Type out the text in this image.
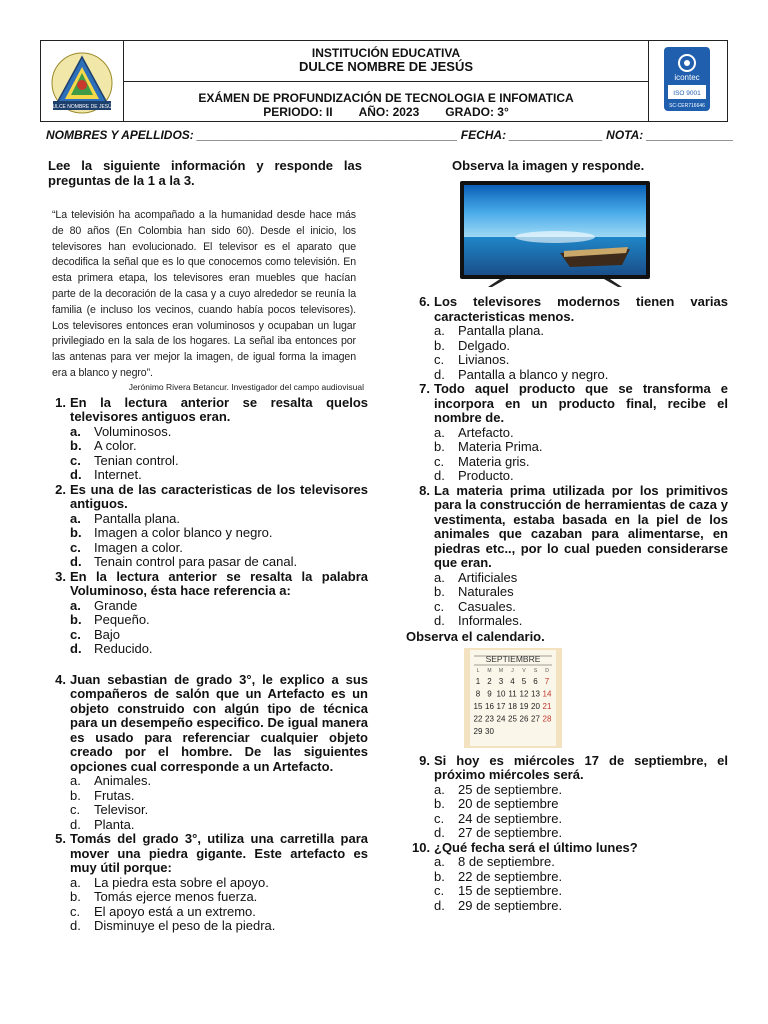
DULCE NOMBRE DE JESÚS
INSTITUCIÓN EDUCATIVA
DULCE NOMBRE DE JESÚS
EXÁMEN DE PROFUNDIZACIÓN DE TECNOLOGIA E INFOMATICA
PERIODO: II AÑO: 2023 GRADO: 3°
icontec
ISO 9001
SC-CER716646
NOMBRES Y APELLIDOS: _______________________________________ FECHA: ______________ NOTA: _____________
Lee la siguiente información y responde las preguntas de la 1 a la 3.
“La televisión ha acompañado a la humanidad desde hace más de 80 años (En Colombia han sido 60). Desde el inicio, los televisores han evolucionado. El televisor es el aparato que decodifica la señal que es lo que conocemos como televisión. En esta primera etapa, los televisores eran muebles que hacían parte de la decoración de la casa y a cuyo alrededor se reunía la familia (e incluso los vecinos, cuando había pocos televisores). Los televisores entonces eran voluminosos y ocupaban un lugar privilegiado en la sala de los hogares. La señal iba entonces por las antenas para ver mejor la imagen, de igual forma la imagen era a blanco y negro”.
Jerónimo Rivera Betancur. Investigador del campo audiovisual
1. En la lectura anterior se resalta quelos televisores antiguos eran.
a. Voluminosos.
b. A color.
c. Tenian control.
d. Internet.
2. Es una de las caracteristicas de los televisores antiguos.
a. Pantalla plana.
b. Imagen a color blanco y negro.
c. Imagen a color.
d. Tenain control para pasar de canal.
3. En la lectura anterior se resalta la palabra Voluminoso, ésta hace referencia a:
a. Grande
b. Pequeño.
c. Bajo
d. Reducido.
4. Juan sebastian de grado 3°, le explico a sus compañeros de salón que un Artefacto es un objeto construido con algún tipo de técnica para un desempeño especifico. De igual manera es usado para referenciar cualquier objeto creado por el hombre. De las siguientes opciones cual corresponde a un Artefacto.
a. Animales.
b. Frutas.
c. Televisor.
d. Planta.
5. Tomás del grado 3°, utiliza una carretilla para mover una piedra gigante. Este artefacto es muy útil porque:
a. La piedra esta sobre el apoyo.
b. Tomás ejerce menos fuerza.
c. El apoyo está a un extremo.
d. Disminuye el peso de la piedra.
Observa la imagen y responde.
6. Los televisores modernos tienen varias caracteristicas menos.
a. Pantalla plana.
b. Delgado.
c. Livianos.
d. Pantalla a blanco y negro.
7. Todo aquel producto que se transforma e incorpora en un producto final, recibe el nombre de.
a. Artefacto.
b. Materia Prima.
c. Materia gris.
d. Producto.
8. La materia prima utilizada por los primitivos para la construcción de herramientas de caza y vestimenta, estaba basada en la piel de los animales que cazaban para alimentarse, en piedras etc.., por lo cual pueden considerarse que eran.
a. Artificiales
b. Naturales
c. Casuales.
d. Informales.
Observa el calendario.
SEPTIEMBRE
L M M J V S D
1 2 3 4 5 6 7
8 9 10 11 12 13 14
15 16 17 18 19 20 21
22 23 24 25 26 27 28
29 30
9. Si hoy es miércoles 17 de septiembre, el próximo miércoles será.
a. 25 de septiembre.
b. 20 de septiembre
c. 24 de septiembre.
d. 27 de septiembre.
10. ¿Qué fecha será el último lunes?
a. 8 de septiembre.
b. 22 de septiembre.
c. 15 de septiembre.
d. 29 de septiembre.
